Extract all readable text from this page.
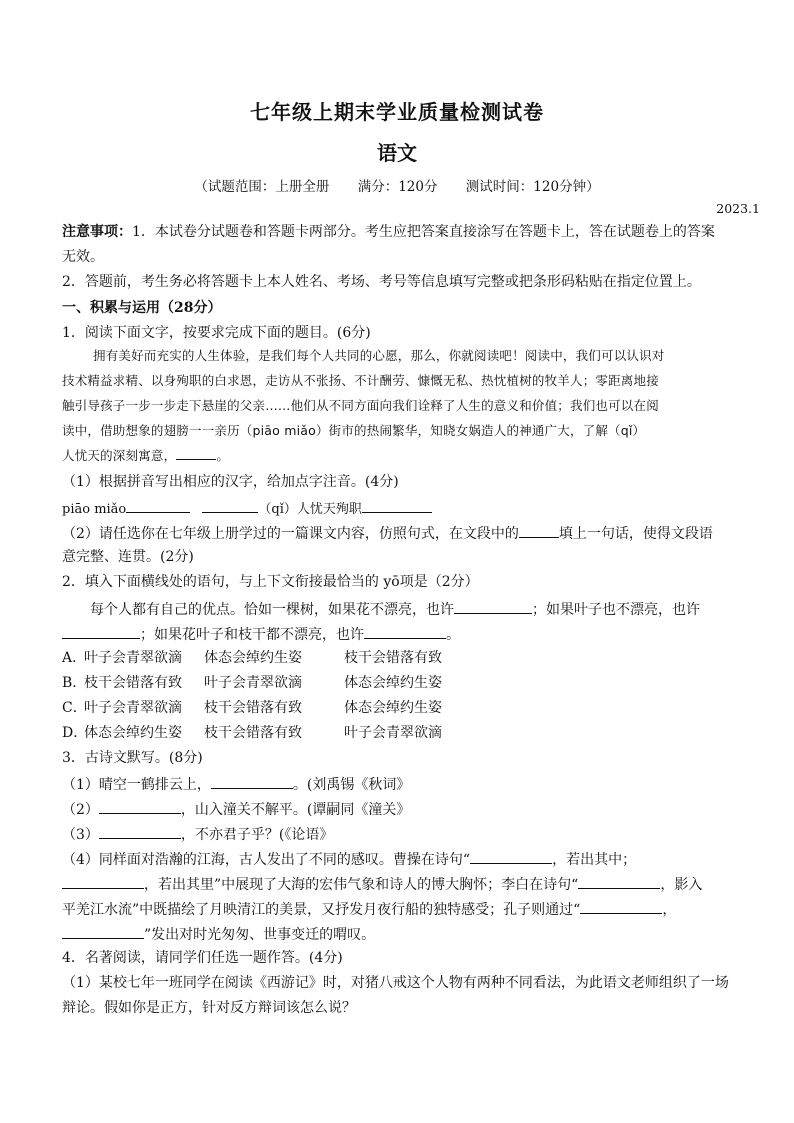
七年级上期末学业质量检测试卷
语文
（试题范围：上册全册 满分：120分 测试时间：120分钟）
2023.1
注意事项：1．本试卷分试题卷和答题卡两部分。考生应把答案直接涂写在答题卡上，答在试题卷上的答案
无效。
2．答题前，考生务必将答题卡上本人姓名、考场、考号等信息填写完整或把条形码粘贴在指定位置上。
一、积累与运用（28分）
1．阅读下面文字，按要求完成下面的题目。(6分)
拥有美好而充实的人生体验，是我们每个人共同的心愿，那么，你就阅读吧！阅读中，我们可以认识对
技术精益求精、以身殉职的白求恩，走访从不张扬、不计酬劳、慷慨无私、热忱植树的牧羊人；零距离地接
触引导孩子一步一步走下悬崖的父亲……他们从不同方面向我们诠释了人生的意义和价值；我们也可以在阅
读中，借助想象的翅膀一一亲历（piāo miǎo）街市的热闹繁华，知晓女娲造人的神通广大，了解（qǐ）
人忧天的深刻寓意，	。
（1）根据拼音写出相应的汉字，给加点字注音。(4分)
piāo miǎo	（qǐ）人忧天殉职
（2）请任选你在七年级上册学过的一篇课文内容，仿照句式，在文段中的	填上一句话，使得文段语
意完整、连贯。(2分)
2．填入下面横线处的语句，与上下文衔接最恰当的 yō项是（2分）
每个人都有自己的优点。恰如一棵树，如果花不漂亮，也许	；如果叶子也不漂亮，也许
；如果花叶子和枝干都不漂亮，也许	。
A．
叶子会青翠欲滴 体态会绰约生姿	枝干会错落有致
B．
枝干会错落有致 叶子会青翠欲滴	体态会绰约生姿
C．
叶子会青翠欲滴 枝干会错落有致	体态会绰约生姿
D．
体态会绰约生姿 枝干会错落有致	叶子会青翠欲滴
3．古诗文默写。(8分)
（1）晴空一鹤排云上，	。(刘禹锡《秋词》
（2）	，山入潼关不解平。(谭嗣同《潼关》
（3）	，不亦君子乎？(《论语》
（4）同样面对浩瀚的江海，古人发出了不同的感叹。曹操在诗句“	，若出其中；
，若出其里”中展现了大海的宏伟气象和诗人的博大胸怀；李白在诗句“	，影入
平羌江水流”中既描绘了月映清江的美景，又抒发月夜行船的独特感受；孔子则通过“	，
”发出对时光匆匆、世事变迁的喟叹。
4．名著阅读，请同学们任选一题作答。(4分)
（1）某校七年一班同学在阅读《西游记》时，对猪八戒这个人物有两种不同看法，为此语文老师组织了一场
辩论。假如你是正方，针对反方辩词该怎么说？
